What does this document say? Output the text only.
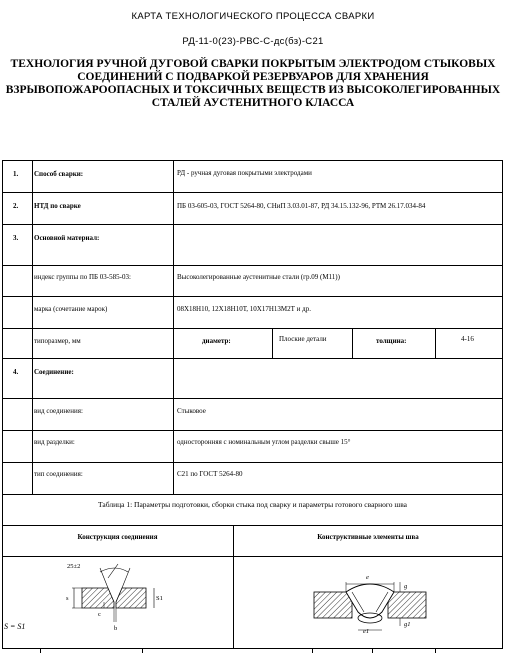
КАРТА ТЕХНОЛОГИЧЕСКОГО ПРОЦЕССА СВАРКИ
РД-11-0(23)-РВС-С-дс(бз)-С21
ТЕХНОЛОГИЯ РУЧНОЙ ДУГОВОЙ СВАРКИ ПОКРЫТЫМ ЭЛЕКТРОДОМ СТЫКОВЫХ
СОЕДИНЕНИЙ С ПОДВАРКОЙ РЕЗЕРВУАРОВ ДЛЯ ХРАНЕНИЯ
ВЗРЫВОПОЖАРООПАСНЫХ И ТОКСИЧНЫХ ВЕЩЕСТВ ИЗ ВЫСОКОЛЕГИРОВАННЫХ
СТАЛЕЙ АУСТЕНИТНОГО КЛАССА
1. Способ сварки:	РД - ручная дуговая покрытыми электродами
2. НТД по сварке	ПБ 03-605-03, ГОСТ 5264-80, СНиП 3.03.01-87, РД 34.15.132-96, РТМ 26.17.034-84
3. Основной материал:
индекс группы по ПБ 03-585-03:	Высоколегированные аустенитные стали (гр.09 (М11))
марка (сочетание марок)	08Х18Н10, 12Х18Н10Т, 10Х17Н13М2Т и др.
типоразмер, мм	диаметр:	Плоские детали	толщина:	4-16
4. Соединение:
вид соединения:	Стыковое
вид разделки:	односторонняя с номинальным углом разделки свыше 15°
тип соединения:	С21 по ГОСТ 5264-80
Таблица 1: Параметры подготовки, сборки стыка под сварку и параметры готового сварного шва
Конструкция соединения	Конструктивные элементы шва
25±2
s	S1
c
b
S = S1
e
e1
g
g1
